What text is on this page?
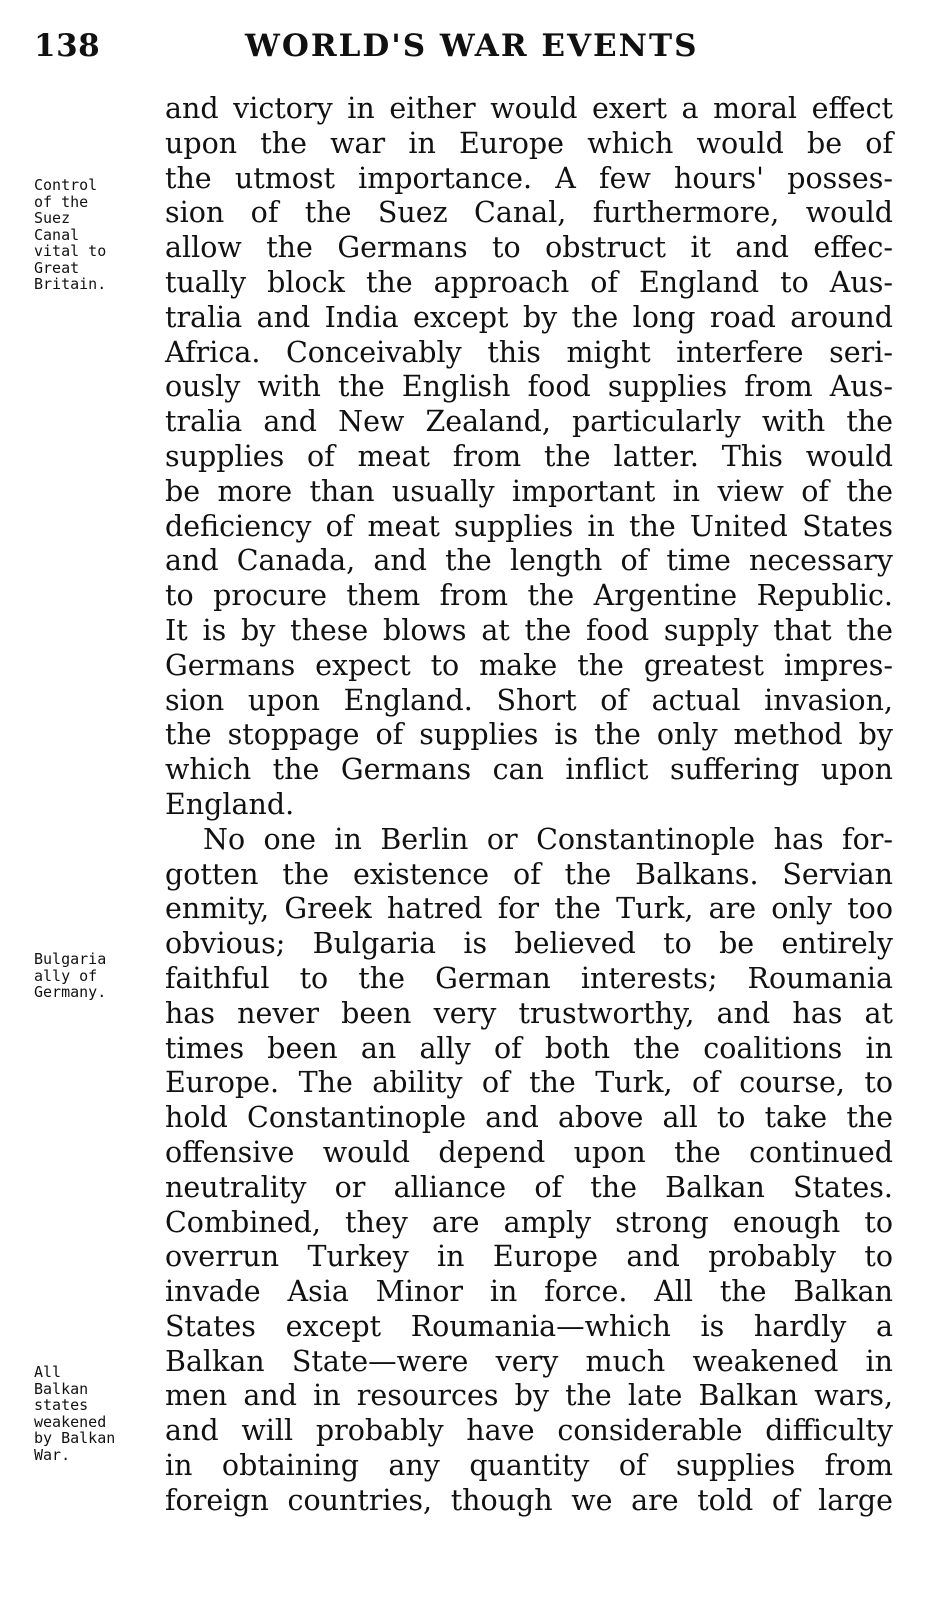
138	WORLD'S WAR EVENTS
Control
of the
Suez
Canal
vital to
Great
Britain.
Bulgaria
ally of
Germany.
All
Balkan
states
weakened
by Balkan
War.
and victory in either would exert a moral effect
upon the war in Europe which would be of
the utmost importance. A few hours' posses-
sion of the Suez Canal, furthermore, would
allow the Germans to obstruct it and effec-
tually block the approach of England to Aus-
tralia and India except by the long road around
Africa. Conceivably this might interfere seri-
ously with the English food supplies from Aus-
tralia and New Zealand, particularly with the
supplies of meat from the latter. This would
be more than usually important in view of the
deficiency of meat supplies in the United States
and Canada, and the length of time necessary
to procure them from the Argentine Republic.
It is by these blows at the food supply that the
Germans expect to make the greatest impres-
sion upon England. Short of actual invasion,
the stoppage of supplies is the only method by
which the Germans can inflict suffering upon
England.
No one in Berlin or Constantinople has for-
gotten the existence of the Balkans. Servian
enmity, Greek hatred for the Turk, are only too
obvious; Bulgaria is believed to be entirely
faithful to the German interests; Roumania
has never been very trustworthy, and has at
times been an ally of both the coalitions in
Europe. The ability of the Turk, of course, to
hold Constantinople and above all to take the
offensive would depend upon the continued
neutrality or alliance of the Balkan States.
Combined, they are amply strong enough to
overrun Turkey in Europe and probably to
invade Asia Minor in force. All the Balkan
States except Roumania—which is hardly a
Balkan State—were very much weakened in
men and in resources by the late Balkan wars,
and will probably have considerable difficulty
in obtaining any quantity of supplies from
foreign countries, though we are told of large
